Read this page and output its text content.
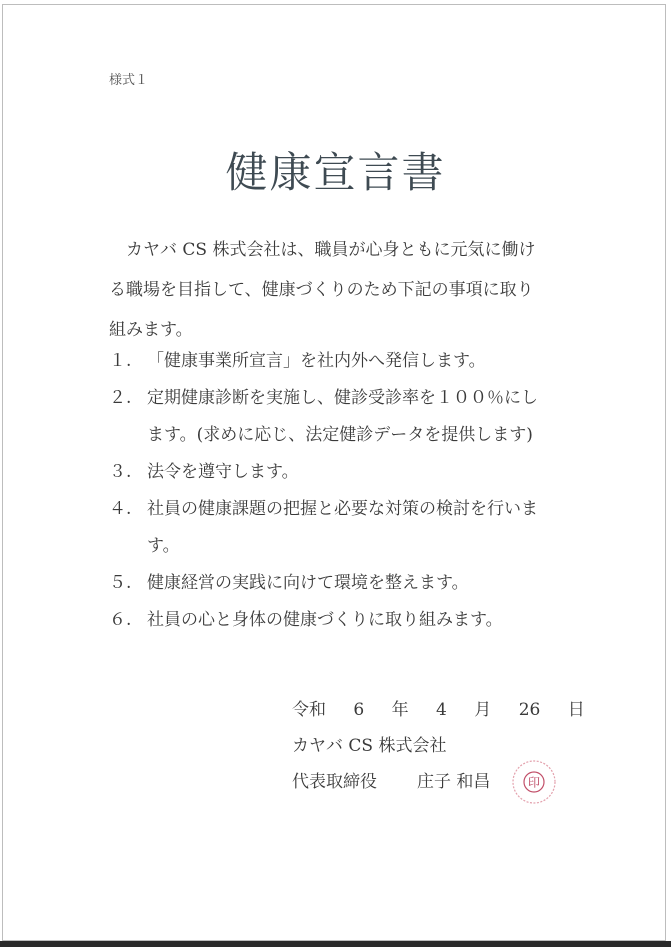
様式１
健康宣言書

カヤバ CS 株式会社は、職員が心身ともに元気に働け
る職場を目指して、健康づくりのため下記の事項に取り
組みます。

１. 「健康事業所宣言」を社内外へ発信します。
２. 定期健康診断を実施し、健診受診率を１００％にし
ます。(求めに応じ、法定健診データを提供します)
３. 法令を遵守します。
４. 社員の健康課題の把握と必要な対策の検討を行いま
す。
５. 健康経営の実践に向けて環境を整えます。
６. 社員の心と身体の健康づくりに取り組みます。
令和 6 年 4 月 26 日
カヤバ CS 株式会社
代表取締役 庄子 和昌	印
